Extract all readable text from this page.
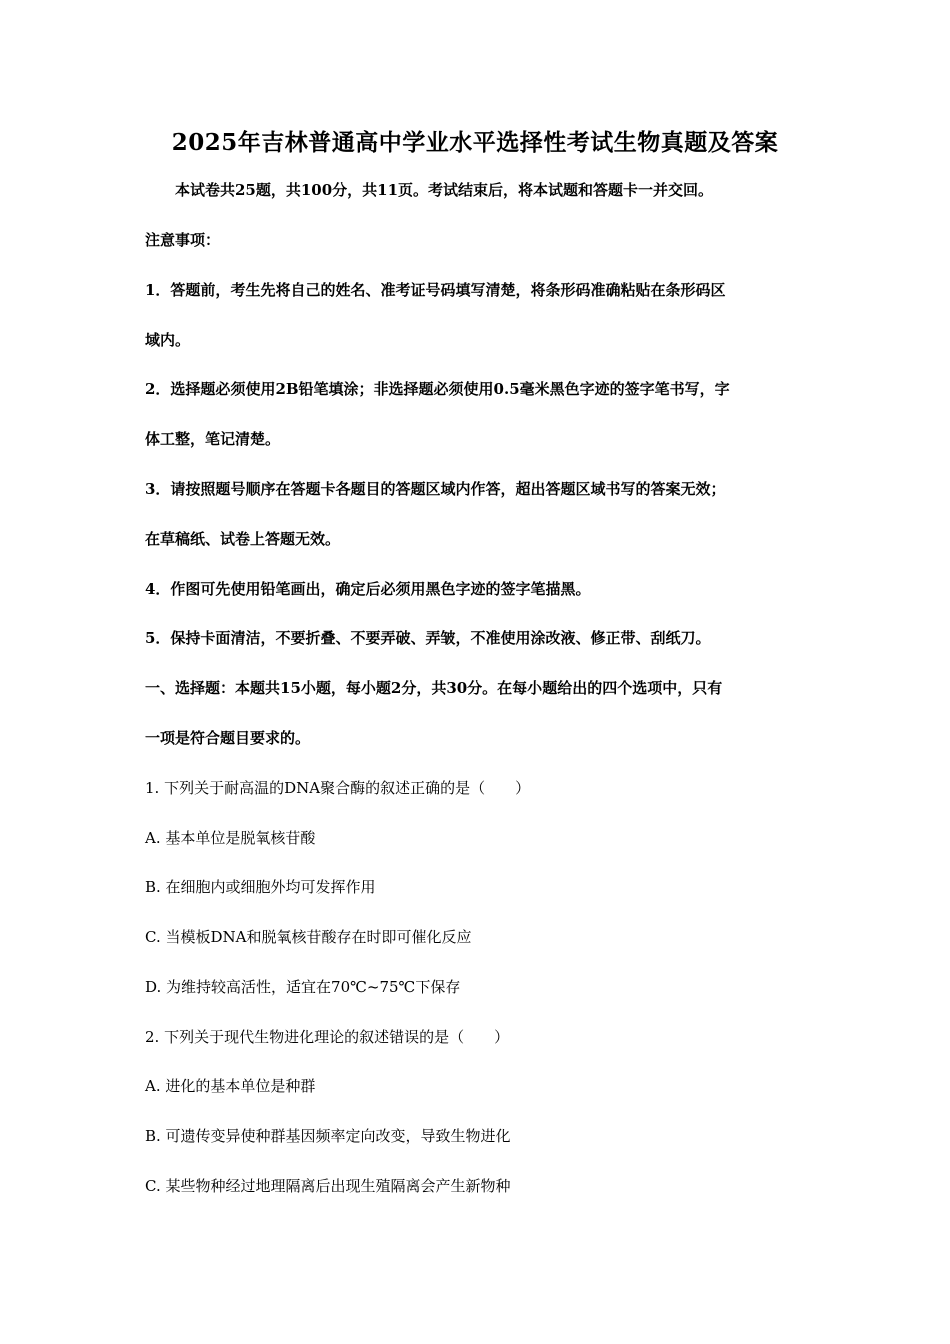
2025年吉林普通高中学业水平选择性考试生物真题及答案
本试卷共25题，共100分，共11页。考试结束后，将本试题和答题卡一并交回。
注意事项：
1．答题前，考生先将自己的姓名、准考证号码填写清楚，将条形码准确粘贴在条形码区
域内。
2．选择题必须使用2B铅笔填涂；非选择题必须使用0.5毫米黑色字迹的签字笔书写，字
体工整，笔记清楚。
3．请按照题号顺序在答题卡各题目的答题区域内作答，超出答题区域书写的答案无效；
在草稿纸、试卷上答题无效。
4．作图可先使用铅笔画出，确定后必须用黑色字迹的签字笔描黑。
5．保持卡面清洁，不要折叠、不要弄破、弄皱，不准使用涂改液、修正带、刮纸刀。
一、选择题：本题共15小题，每小题2分，共30分。在每小题给出的四个选项中，只有
一项是符合题目要求的。
1. 下列关于耐高温的DNA聚合酶的叙述正确的是（　　）
A. 基本单位是脱氧核苷酸
B. 在细胞内或细胞外均可发挥作用
C. 当模板DNA和脱氧核苷酸存在时即可催化反应
D. 为维持较高活性，适宜在70℃~75℃下保存
2. 下列关于现代生物进化理论的叙述错误的是（　　）
A. 进化的基本单位是种群
B. 可遗传变异使种群基因频率定向改变，导致生物进化
C. 某些物种经过地理隔离后出现生殖隔离会产生新物种
